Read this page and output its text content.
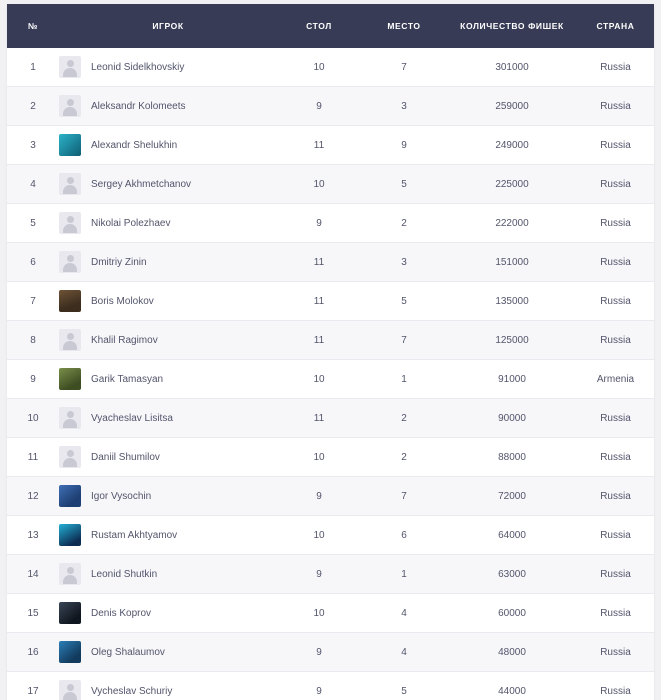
№	ИГРОК	СТОЛ	МЕСТО	КОЛИЧЕСТВО ФИШЕК	СТРАНА
1	Leonid Sidelkhovskiy	10	7	301000	Russia
2	Aleksandr Kolomeets	9	3	259000	Russia
3	Alexandr Shelukhin	11	9	249000	Russia
4	Sergey Akhmetchanov	10	5	225000	Russia
5	Nikolai Polezhaev	9	2	222000	Russia
6	Dmitriy Zinin	11	3	151000	Russia
7	Boris Molokov	11	5	135000	Russia
8	Khalil Ragimov	11	7	125000	Russia
9	Garik Tamasyan	10	1	91000	Armenia
10	Vyacheslav Lisitsa	11	2	90000	Russia
11	Daniil Shumilov	10	2	88000	Russia
12	Igor Vysochin	9	7	72000	Russia
13	Rustam Akhtyamov	10	6	64000	Russia
14	Leonid Shutkin	9	1	63000	Russia
15	Denis Koprov	10	4	60000	Russia
16	Oleg Shalaumov	9	4	48000	Russia
17	Vycheslav Schuriy	9	5	44000	Russia
